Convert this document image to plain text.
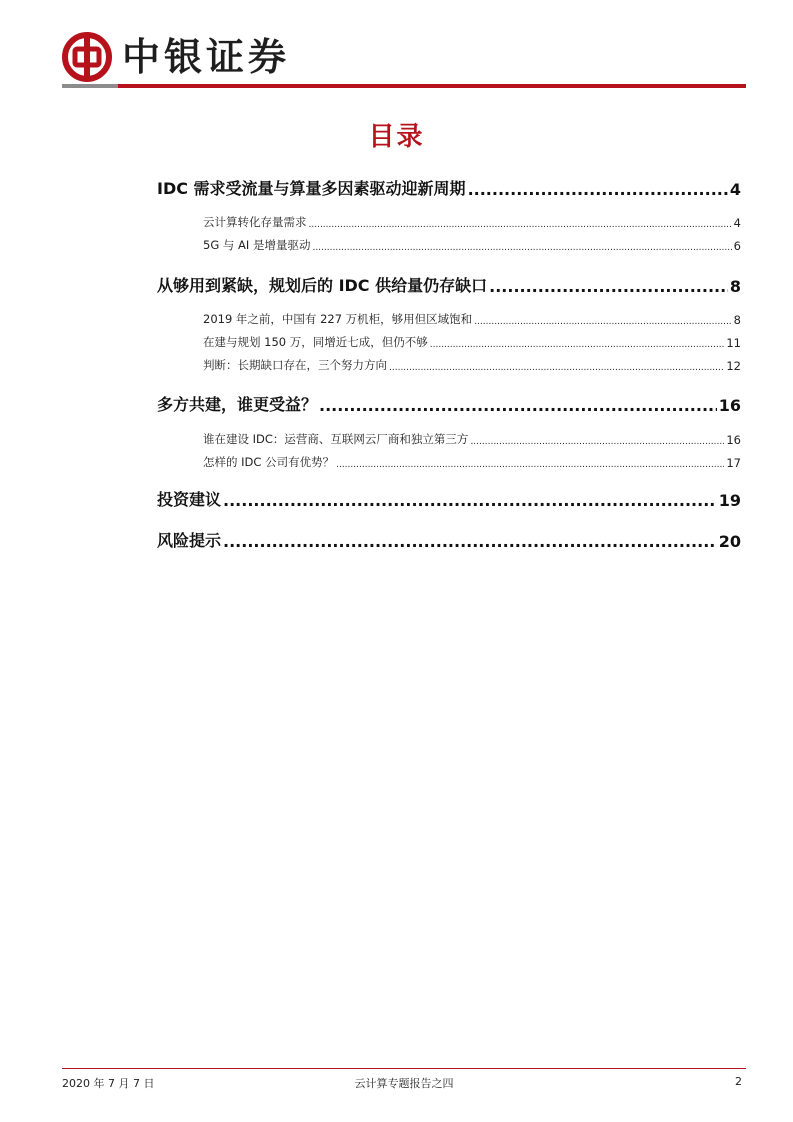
中银证券
目录
IDC 需求受流量与算量多因素驱动迎新周期 .....	4
云计算转化存量需求 .....	4
5G 与 AI 是增量驱动 .....	6
从够用到紧缺，规划后的 IDC 供给量仍存缺口 .....	8
2019 年之前，中国有 227 万机柜，够用但区域饱和 .....	8
在建与规划 150 万，同增近七成，但仍不够 .....	11
判断：长期缺口存在，三个努力方向 .....	12
多方共建，谁更受益？ .....	16
谁在建设 IDC：运营商、互联网云厂商和独立第三方 .....	16
怎样的 IDC 公司有优势？ .....	17
投资建议 .....	19
风险提示 .....	20
2020 年 7 月 7 日	云计算专题报告之四	2
